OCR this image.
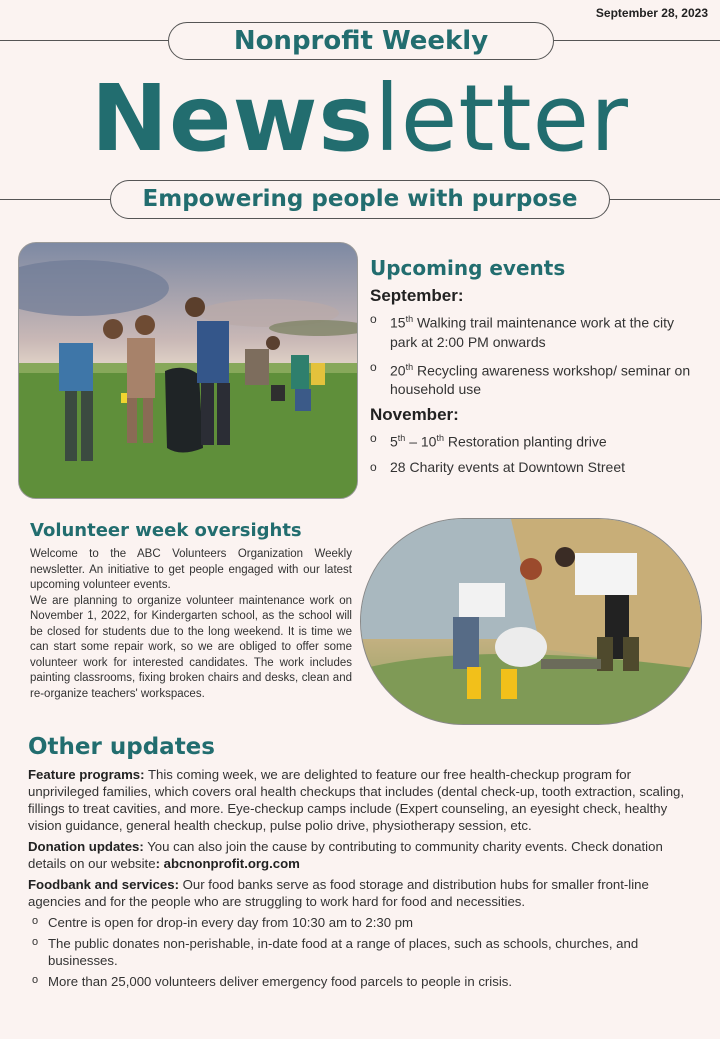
September 28, 2023
Nonprofit Weekly
Newsletter
Empowering people with purpose
Upcoming events
September:
o 15th Walking trail maintenance work at the city park at 2:00 PM onwards
o 20th Recycling awareness workshop/ seminar on household use
November:
o 5th – 10th Restoration planting drive
o 28 Charity events at Downtown Street
Volunteer week oversights

Welcome to the ABC Volunteers Organization Weekly newsletter. An initiative to get people engaged with our latest upcoming volunteer events.

We are planning to organize volunteer maintenance work on November 1, 2022, for Kindergarten school, as the school will be closed for students due to the long weekend. It is time we can start some repair work, so we are obliged to offer some volunteer work for interested candidates. The work includes painting classrooms, fixing broken chairs and desks, clean and re-organize teachers' workspaces.

Other updates

Feature programs: This coming week, we are delighted to feature our free health-checkup program for unprivileged families, which covers oral health checkups that includes (dental check-up, tooth extraction, scaling, fillings to treat cavities, and more. Eye-checkup camps include (Expert counseling, an eyesight check, healthy vision guidance, general health checkup, pulse polio drive, physiotherapy session, etc.

Donation updates: You can also join the cause by contributing to community charity events. Check donation details on our website: abcnonprofit.org.com

Foodbank and services: Our food banks serve as food storage and distribution hubs for smaller front-line agencies and for the people who are struggling to work hard for food and necessities.

o Centre is open for drop-in every day from 10:30 am to 2:30 pm
o The public donates non-perishable, in-date food at a range of places, such as schools, churches, and businesses.
o More than 25,000 volunteers deliver emergency food parcels to people in crisis.
